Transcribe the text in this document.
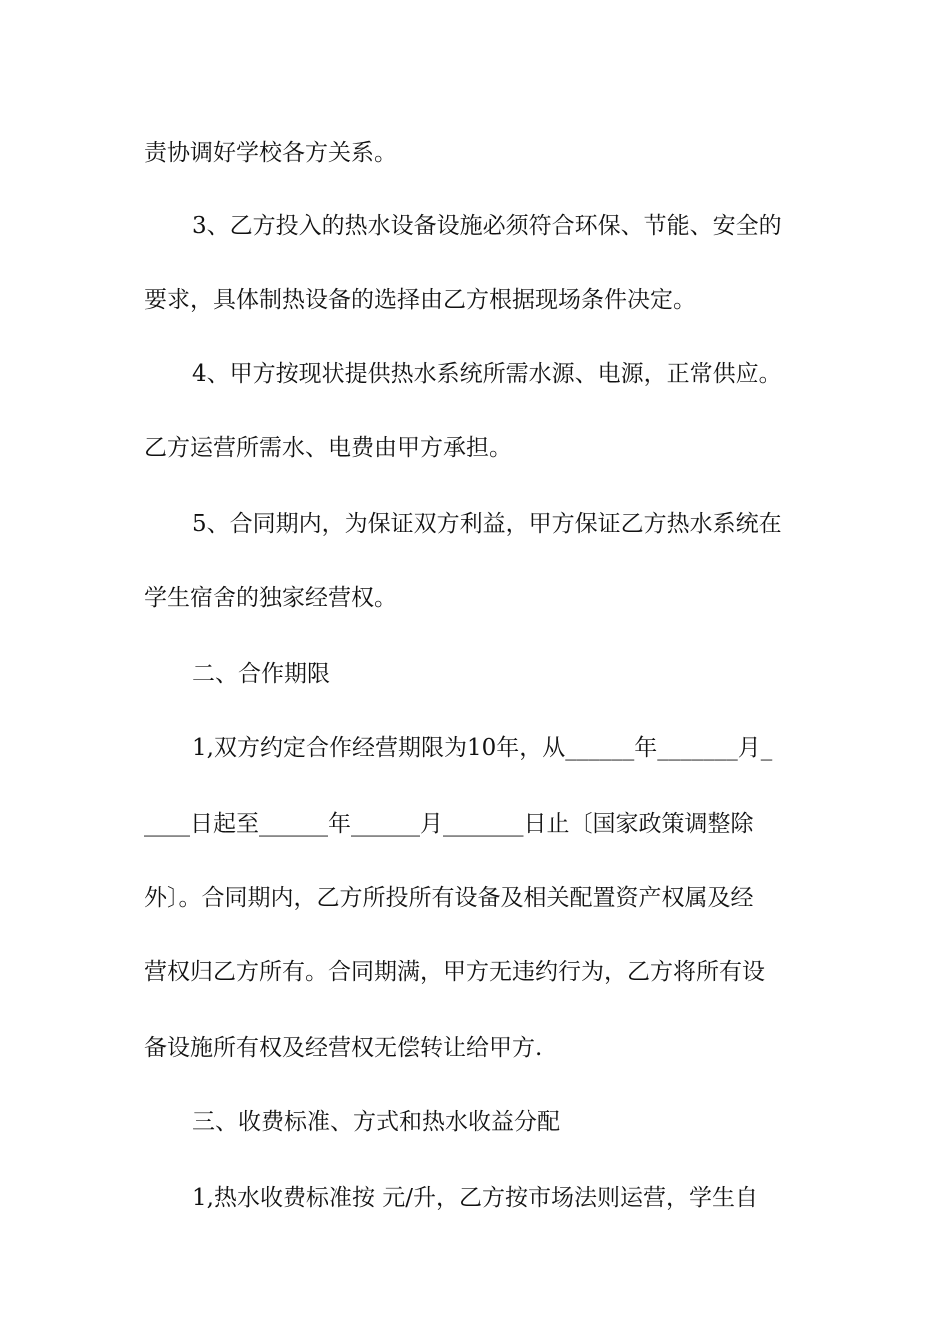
责协调好学校各方关系。
3、乙方投入的热水设备设施必须符合环保、节能、安全的
要求，具体制热设备的选择由乙方根据现场条件决定。
4、甲方按现状提供热水系统所需水源、电源，正常供应。
乙方运营所需水、电费由甲方承担。
5、合同期内，为保证双方利益，甲方保证乙方热水系统在
学生宿舍的独家经营权。
二、合作期限
1,双方约定合作经营期限为10年，从______年_______月_
____日起至______年______月_______日止〔国家政策调整除
外〕。合同期内，乙方所投所有设备及相关配置资产权属及经
营权归乙方所有。合同期满，甲方无违约行为，乙方将所有设
备设施所有权及经营权无偿转让给甲方.
三、收费标准、方式和热水收益分配
1,热水收费标准按 元/升，乙方按市场法则运营，学生自
